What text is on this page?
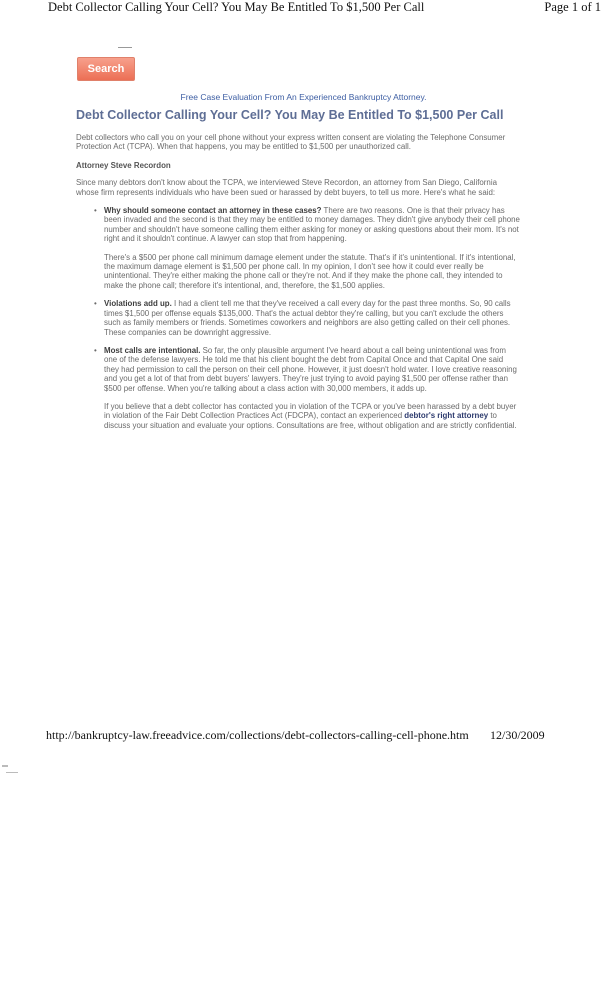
Debt Collector Calling Your Cell? You May Be Entitled To $1,500 Per Call	Page 1 of 1
Search
Free Case Evaluation From An Experienced Bankruptcy Attorney.
Debt Collector Calling Your Cell? You May Be Entitled To $1,500 Per Call

Debt collectors who call you on your cell phone without your express written consent are violating the Telephone Consumer Protection Act (TCPA). When that happens, you may be entitled to $1,500 per unauthorized call.

Attorney Steve Recordon

Since many debtors don't know about the TCPA, we interviewed Steve Recordon, an attorney from San Diego, California whose firm represents individuals who have been sued or harassed by debt buyers, to tell us more. Here's what he said:

• Why should someone contact an attorney in these cases? There are two reasons. One is that their privacy has been invaded and the second is that they may be entitled to money damages. They didn't give anybody their cell phone number and shouldn't have someone calling them either asking for money or asking questions about their mom. It's not right and it shouldn't continue. A lawyer can stop that from happening.

There's a $500 per phone call minimum damage element under the statute. That's if it's unintentional. If it's intentional, the maximum damage element is $1,500 per phone call. In my opinion, I don't see how it could ever really be unintentional. They're either making the phone call or they're not. And if they make the phone call, they intended to make the phone call; therefore it's intentional, and, therefore, the $1,500 applies.

• Violations add up. I had a client tell me that they've received a call every day for the past three months. So, 90 calls times $1,500 per offense equals $135,000. That's the actual debtor they're calling, but you can't exclude the others such as family members or friends. Sometimes coworkers and neighbors are also getting called on their cell phones. These companies can be downright aggressive.
• Most calls are intentional. So far, the only plausible argument I've heard about a call being unintentional was from one of the defense lawyers. He told me that his client bought the debt from Capital Once and that Capital One said they had permission to call the person on their cell phone. However, it just doesn't hold water. I love creative reasoning and you get a lot of that from debt buyers' lawyers. They're just trying to avoid paying $1,500 per offense rather than $500 per offense. When you're talking about a class action with 30,000 members, it adds up.

If you believe that a debt collector has contacted you in violation of the TCPA or you've been harassed by a debt buyer in violation of the Fair Debt Collection Practices Act (FDCPA), contact an experienced debtor's right attorney to discuss your situation and evaluate your options. Consultations are free, without obligation and are strictly confidential.

http://bankruptcy-law.freeadvice.com/collections/debt-collectors-calling-cell-phone.htm 12/30/2009
